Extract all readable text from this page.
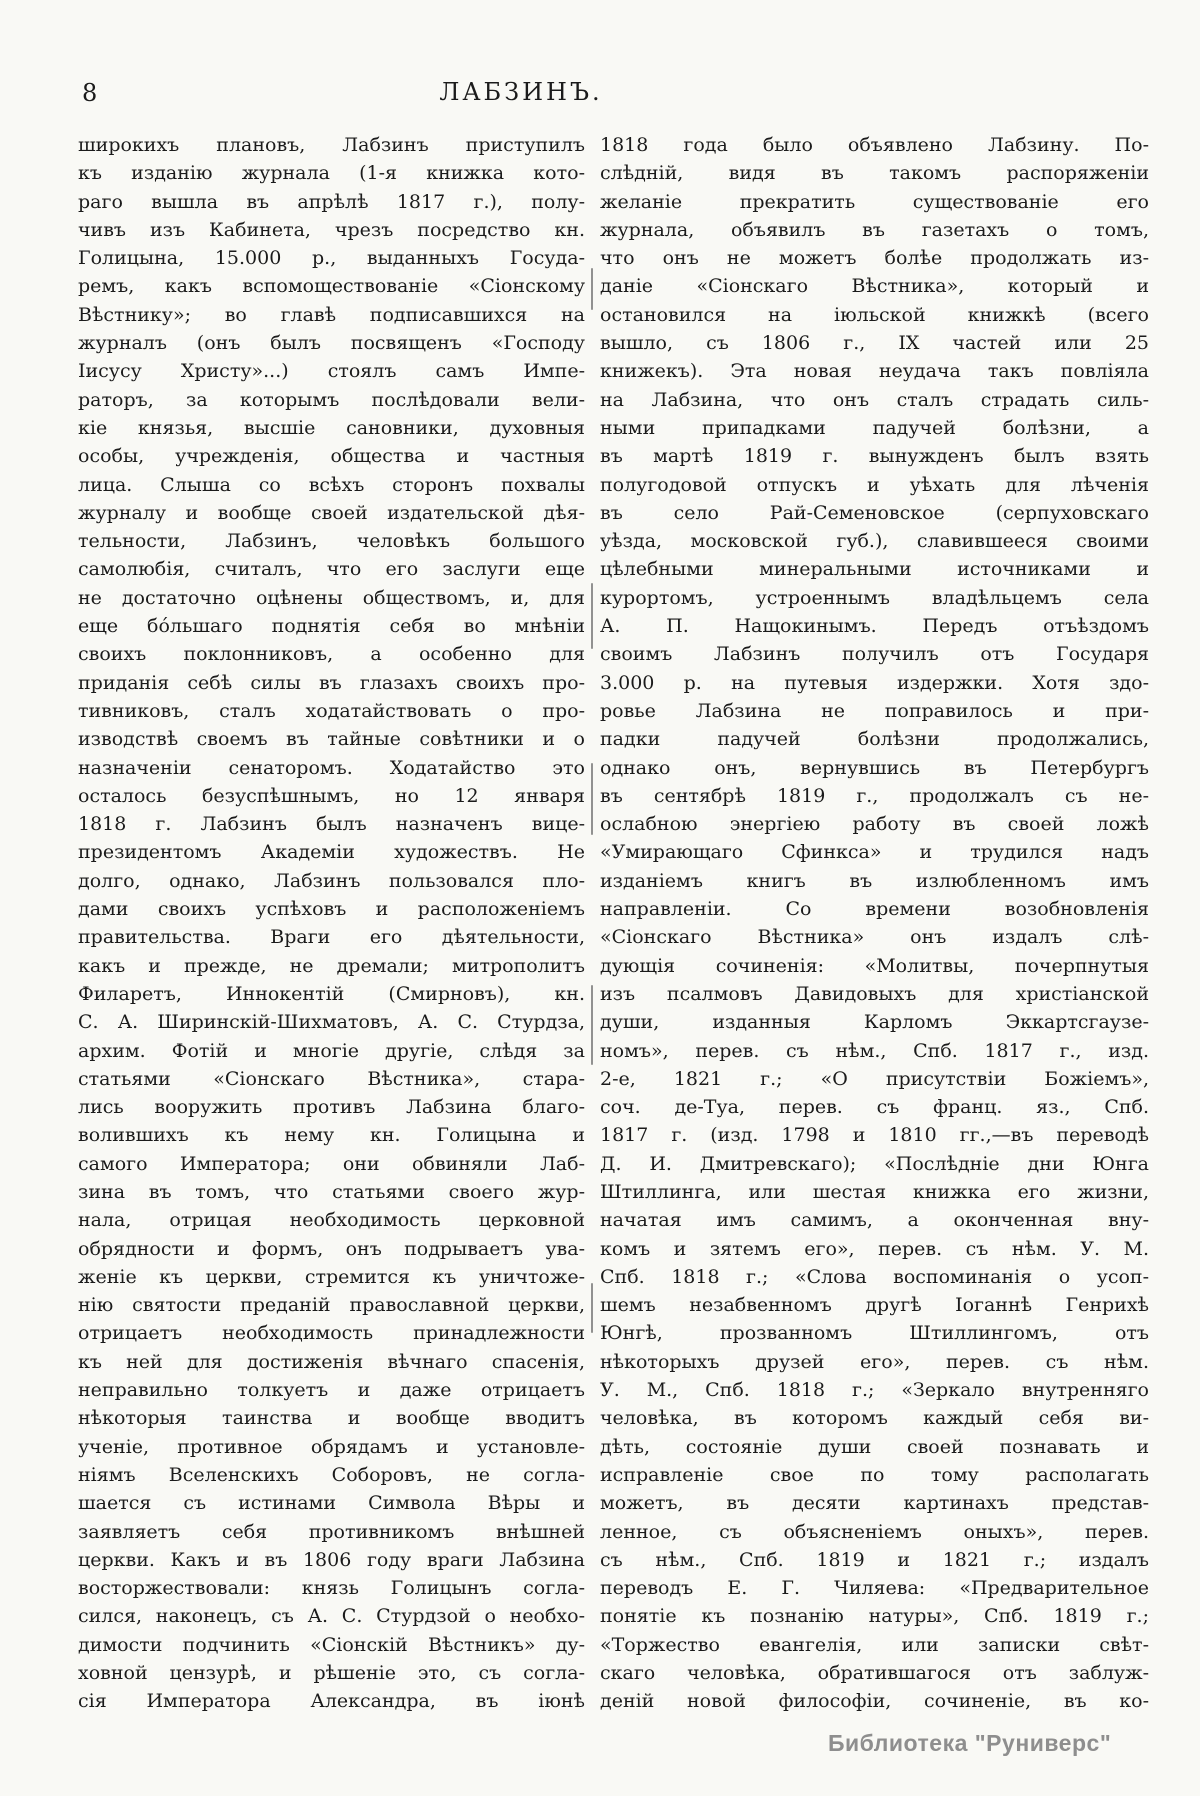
8	ЛАБЗИНЪ.
широкихъ плановъ, Лабзинъ приступилъ
къ изданію журнала (1-я книжка кото-
раго вышла въ апрѣлѣ 1817 г.), полу-
чивъ изъ Кабинета, чрезъ посредство кн.
Голицына, 15.000 р., выданныхъ Госуда-
ремъ, какъ вспомоществованіе «Сіонскому
Вѣстнику»; во главѣ подписавшихся на
журналъ (онъ былъ посвященъ «Господу
Іисусу Христу»...) стоялъ самъ Импе-
раторъ, за которымъ послѣдовали вели-
кіе князья, высшіе сановники, духовныя
особы, учрежденія, общества и частныя
лица. Слыша со всѣхъ сторонъ похвалы
журналу и вообще своей издательской дѣя-
тельности, Лабзинъ, человѣкъ большого
самолюбія, считалъ, что его заслуги еще
не достаточно оцѣнены обществомъ, и, для
еще бо́льшаго поднятія себя во мнѣніи
своихъ поклонниковъ, а особенно для
приданія себѣ силы въ глазахъ своихъ про-
тивниковъ, сталъ ходатайствовать о про-
изводствѣ своемъ въ тайные совѣтники и о
назначеніи сенаторомъ. Ходатайство это
осталось безуспѣшнымъ, но 12 января
1818 г. Лабзинъ былъ назначенъ вице-
президентомъ Академіи художествъ. Не
долго, однако, Лабзинъ пользовался пло-
дами своихъ успѣховъ и расположеніемъ
правительства. Враги его дѣятельности,
какъ и прежде, не дремали; митрополитъ
Филаретъ, Иннокентій (Смирновъ), кн.
С. А. Ширинскій-Шихматовъ, А. С. Стурдза,
архим. Фотій и многіе другіе, слѣдя за
статьями «Сіонскаго Вѣстника», стара-
лись вооружить противъ Лабзина благо-
волившихъ къ нему кн. Голицына и
самого Императора; они обвиняли Лаб-
зина въ томъ, что статьями своего жур-
нала, отрицая необходимость церковной
обрядности и формъ, онъ подрываетъ ува-
женіе къ церкви, стремится къ уничтоже-
нію святости преданій православной церкви,
отрицаетъ необходимость принадлежности
къ ней для достиженія вѣчнаго спасенія,
неправильно толкуетъ и даже отрицаетъ
нѣкоторыя таинства и вообще вводитъ
ученіе, противное обрядамъ и установле-
ніямъ Вселенскихъ Соборовъ, не согла-
шается съ истинами Символа Вѣры и
заявляетъ себя противникомъ внѣшней
церкви. Какъ и въ 1806 году враги Лабзина
восторжествовали: князь Голицынъ согла-
сился, наконецъ, съ А. С. Стурдзой о необхо-
димости подчинить «Сіонскій Вѣстникъ» ду-
ховной цензурѣ, и рѣшеніе это, съ согла-
сія Императора Александра, въ іюнѣ
1818 года было объявлено Лабзину. По-
слѣдній, видя въ такомъ распоряженіи
желаніе прекратить существованіе его
журнала, объявилъ въ газетахъ о томъ,
что онъ не можетъ болѣе продолжать из-
даніе «Сіонскаго Вѣстника», который и
остановился на іюльской книжкѣ (всего
вышло, съ 1806 г., IX частей или 25
книжекъ). Эта новая неудача такъ повліяла
на Лабзина, что онъ сталъ страдать силь-
ными припадками падучей болѣзни, а
въ мартѣ 1819 г. вынужденъ былъ взять
полугодовой отпускъ и уѣхать для лѣченія
въ село Рай-Семеновское (серпуховскаго
уѣзда, московской губ.), славившееся своими
цѣлебными минеральными источниками и
курортомъ, устроеннымъ владѣльцемъ села
А. П. Нащокинымъ. Передъ отъѣздомъ
своимъ Лабзинъ получилъ отъ Государя
3.000 р. на путевыя издержки. Хотя здо-
ровье Лабзина не поправилось и при-
падки падучей болѣзни продолжались,
однако онъ, вернувшись въ Петербургъ
въ сентябрѣ 1819 г., продолжалъ съ не-
ослабною энергіею работу въ своей ложѣ
«Умирающаго Сфинкса» и трудился надъ
изданіемъ книгъ въ излюбленномъ имъ
направленіи. Со времени возобновленія
«Сіонскаго Вѣстника» онъ издалъ слѣ-
дующія сочиненія: «Молитвы, почерпнутыя
изъ псалмовъ Давидовыхъ для христіанской
души, изданныя Карломъ Эккартсгаузе-
номъ», перев. съ нѣм., Спб. 1817 г., изд.
2-е, 1821 г.; «О присутствіи Божіемъ»,
соч. де-Туа, перев. съ франц. яз., Спб.
1817 г. (изд. 1798 и 1810 гг.,—въ переводѣ
Д. И. Дмитревскаго); «Послѣдніе дни Юнга
Штиллинга, или шестая книжка его жизни,
начатая имъ самимъ, а оконченная вну-
комъ и зятемъ его», перев. съ нѣм. У. М.
Спб. 1818 г.; «Слова воспоминанія о усоп-
шемъ незабвенномъ другѣ Іоганнѣ Генрихѣ
Юнгѣ, прозванномъ Штиллингомъ, отъ
нѣкоторыхъ друзей его», перев. съ нѣм.
У. М., Спб. 1818 г.; «Зеркало внутренняго
человѣка, въ которомъ каждый себя ви-
дѣть, состояніе души своей познавать и
исправленіе свое по тому располагать
можетъ, въ десяти картинахъ представ-
ленное, съ объясненіемъ оныхъ», перев.
съ нѣм., Спб. 1819 и 1821 г.; издалъ
переводъ Е. Г. Чиляева: «Предварительное
понятіе къ познанію натуры», Спб. 1819 г.;
«Торжество евангелія, или записки свѣт-
скаго человѣка, обратившагося отъ заблуж-
деній новой философіи, сочиненіе, въ ко-
Библиотека "Руниверс"
